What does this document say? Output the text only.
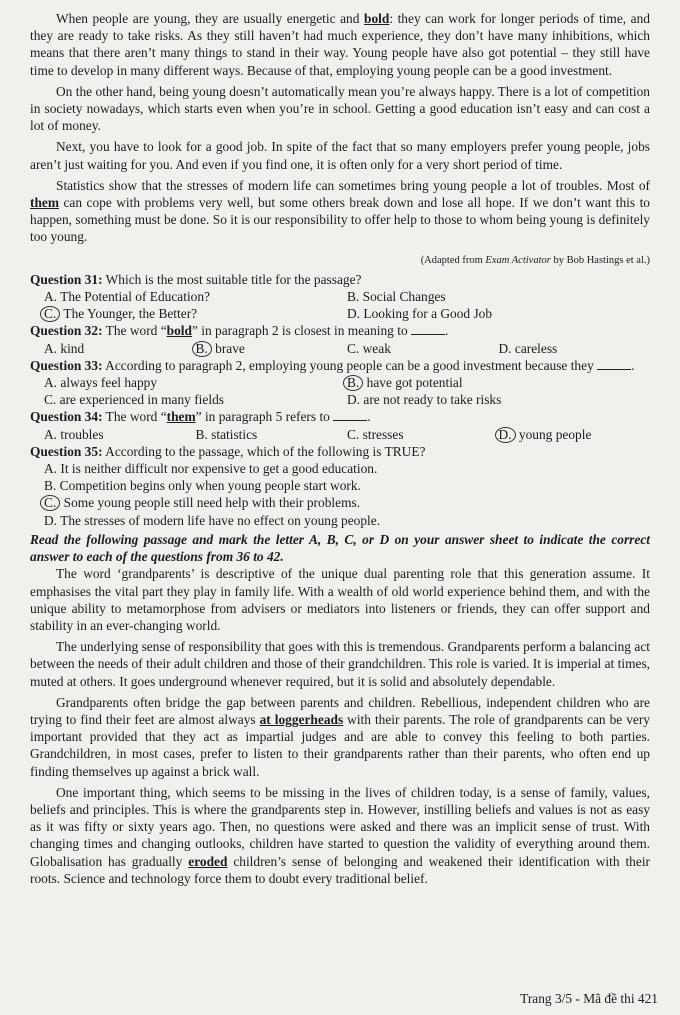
When people are young, they are usually energetic and bold: they can work for longer periods of time, and they are ready to take risks. As they still haven’t had much experience, they don’t have many inhibitions, which means that there aren’t many things to stand in their way. Young people have also got potential – they still have time to develop in many different ways. Because of that, employing young people can be a good investment.

On the other hand, being young doesn’t automatically mean you’re always happy. There is a lot of competition in society nowadays, which starts even when you’re in school. Getting a good education isn’t easy and can cost a lot of money.

Next, you have to look for a good job. In spite of the fact that so many employers prefer young people, jobs aren’t just waiting for you. And even if you find one, it is often only for a very short period of time.

Statistics show that the stresses of modern life can sometimes bring young people a lot of troubles. Most of them can cope with problems very well, but some others break down and lose all hope. If we don’t want this to happen, something must be done. So it is our responsibility to offer help to those to whom being young is definitely too young.

(Adapted from Exam Activator by Bob Hastings et al.)

Question 31: Which is the most suitable title for the passage?

A. The Potential of Education?	B. Social Changes
C. The Younger, the Better?	D. Looking for a Good Job

Question 32: The word “bold” in paragraph 2 is closest in meaning to	.

A. kind	B. brave	C. weak	D. careless

Question 33: According to paragraph 2, employing young people can be a good investment because they	.

A. always feel happy	B. have got potential
C. are experienced in many fields	D. are not ready to take risks

Question 34: The word “them” in paragraph 5 refers to	.

A. troubles	B. statistics	C. stresses	D. young people

Question 35: According to the passage, which of the following is TRUE?

A. It is neither difficult nor expensive to get a good education.
B. Competition begins only when young people start work.
C. Some young people still need help with their problems.
D. The stresses of modern life have no effect on young people.

Read the following passage and mark the letter A, B, C, or D on your answer sheet to indicate the correct answer to each of the questions from 36 to 42.

The word ‘grandparents’ is descriptive of the unique dual parenting role that this generation assume. It emphasises the vital part they play in family life. With a wealth of old world experience behind them, and with the unique ability to metamorphose from advisers or mediators into listeners or friends, they can offer support and stability in an ever-changing world.

The underlying sense of responsibility that goes with this is tremendous. Grandparents perform a balancing act between the needs of their adult children and those of their grandchildren. This role is varied. It is imperial at times, muted at others. It goes underground whenever required, but it is solid and absolutely dependable.

Grandparents often bridge the gap between parents and children. Rebellious, independent children who are trying to find their feet are almost always at loggerheads with their parents. The role of grandparents can be very important provided that they act as impartial judges and are able to convey this feeling to both parties. Grandchildren, in most cases, prefer to listen to their grandparents rather than their parents, who often end up finding themselves up against a brick wall.

One important thing, which seems to be missing in the lives of children today, is a sense of family, values, beliefs and principles. This is where the grandparents step in. However, instilling beliefs and values is not as easy as it was fifty or sixty years ago. Then, no questions were asked and there was an implicit sense of trust. With changing times and changing outlooks, children have started to question the validity of everything around them. Globalisation has gradually eroded children’s sense of belonging and weakened their identification with their roots. Science and technology force them to doubt every traditional belief.

Trang 3/5 - Mã đề thi 421
